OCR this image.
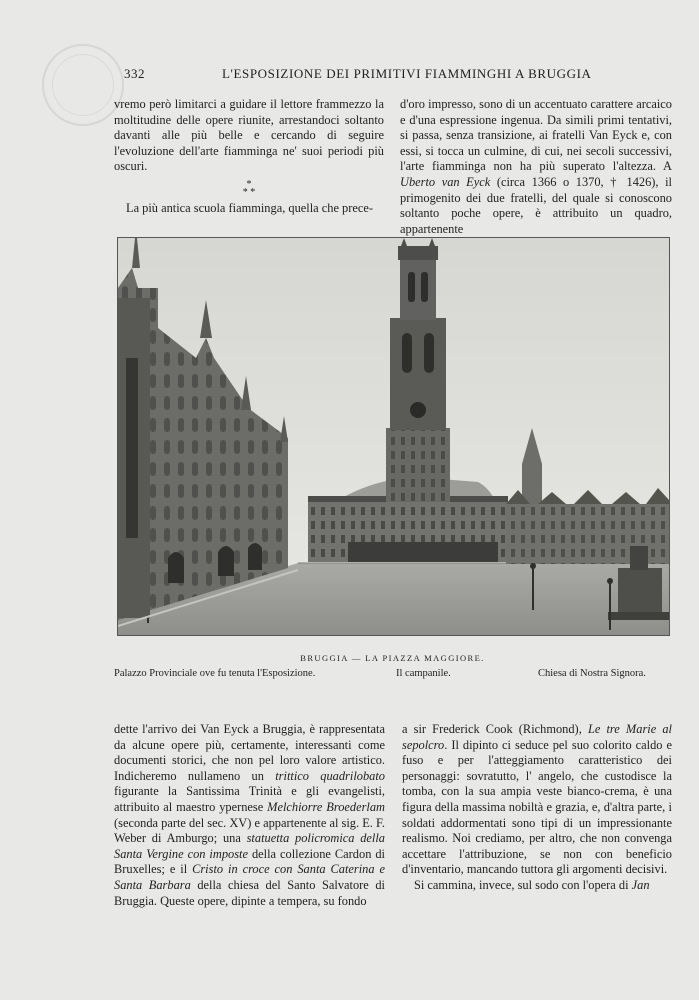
332	L'ESPOSIZIONE DEI PRIMITIVI FIAMMINGHI A BRUGGIA

vremo però limitarci a guidare il lettore frammezzo la moltitudine delle opere riunite, arrestandoci soltanto davanti alle più belle e cercando di seguire l'evoluzione dell'arte fiamminga ne' suoi periodi più oscuri.

*
* *

La più antica scuola fiamminga, quella che prece-

d'oro impresso, sono di un accentuato carattere arcaico e d'una espressione ingenua. Da simili primi tentativi, si passa, senza transizione, ai fratelli Van Eyck e, con essi, si tocca un culmine, di cui, nei secoli successivi, l'arte fiamminga non ha più superato l'altezza. A Uberto van Eyck (circa 1366 o 1370, † 1426), il primogenito dei due fratelli, del quale si conoscono soltanto poche opere, è attribuito un quadro, appartenente

BRUGGIA — LA PIAZZA MAGGIORE.
Palazzo Provinciale ove fu tenuta l'Esposizione.	Il campanile.	Chiesa di Nostra Signora.

dette l'arrivo dei Van Eyck a Bruggia, è rappresentata da alcune opere più, certamente, interessanti come documenti storici, che non pel loro valore artistico. Indicheremo nullameno un trittico quadrilobato figurante la Santissima Trinità e gli evangelisti, attribuito al maestro ypernese Melchiorre Broederlam (seconda parte del sec. XV) e appartenente al sig. E. F. Weber di Amburgo; una statuetta policromica della Santa Vergine con imposte della collezione Cardon di Bruxelles; e il Cristo in croce con Santa Caterina e Santa Barbara della chiesa del Santo Salvatore di Bruggia. Queste opere, dipinte a tempera, su fondo

a sir Frederick Cook (Richmond), Le tre Marie al sepolcro. Il dipinto ci seduce pel suo colorito caldo e fuso e per l'atteggiamento caratteristico dei personaggi: sovratutto, l' angelo, che custodisce la tomba, con la sua ampia veste bianco-crema, è una figura della massima nobiltà e grazia, e, d'altra parte, i soldati addormentati sono tipi di un impressionante realismo. Noi crediamo, per altro, che non convenga accettare l'attribuzione, se non con beneficio d'inventario, mancando tuttora gli argomenti decisivi.

Si cammina, invece, sul sodo con l'opera di Jan
